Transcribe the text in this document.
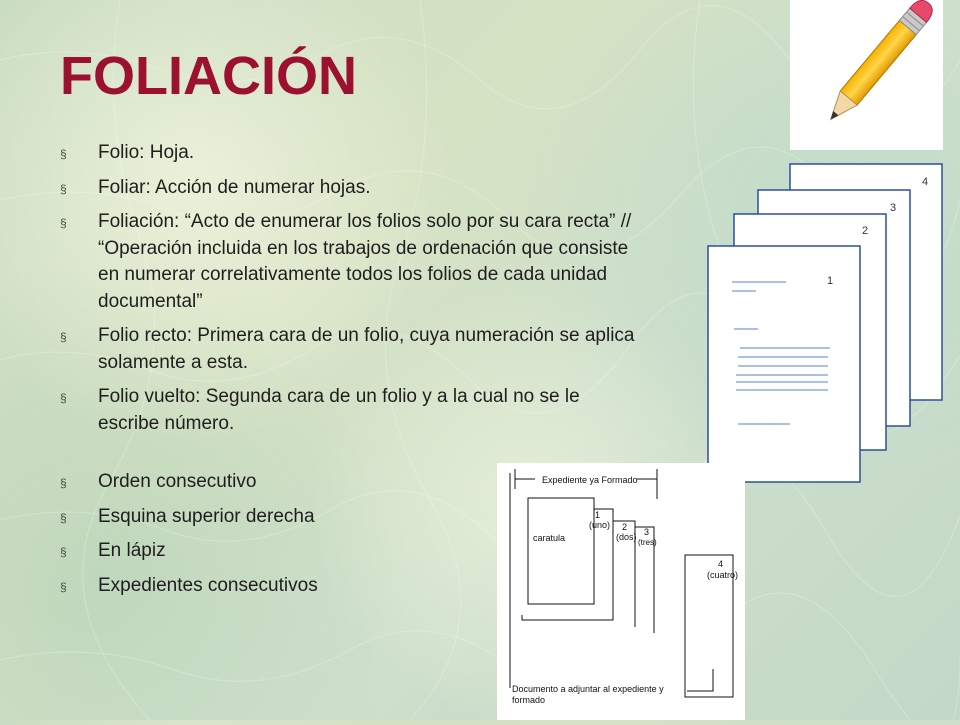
FOLIACIÓN
§ Folio: Hoja.
§ Foliar: Acción de numerar hojas.
§ Foliación: “Acto de enumerar los folios solo por su cara recta” // “Operación incluida en los trabajos de ordenación que consiste en numerar correlativamente todos los folios de cada unidad documental”
§ Folio recto: Primera cara de un folio, cuya numeración se aplica solamente a esta.
§ Folio vuelto: Segunda cara de un folio y a la cual no se le escribe número.
§ Orden consecutivo
§ Esquina superior derecha
§ En lápiz
§ Expedientes consecutivos
4
3
2
1
Expediente ya Formado
caratula
1
(uno) 2
(dos) 3
(tres)
4
(cuatro)
Documento a adjuntar al expediente y
formado
